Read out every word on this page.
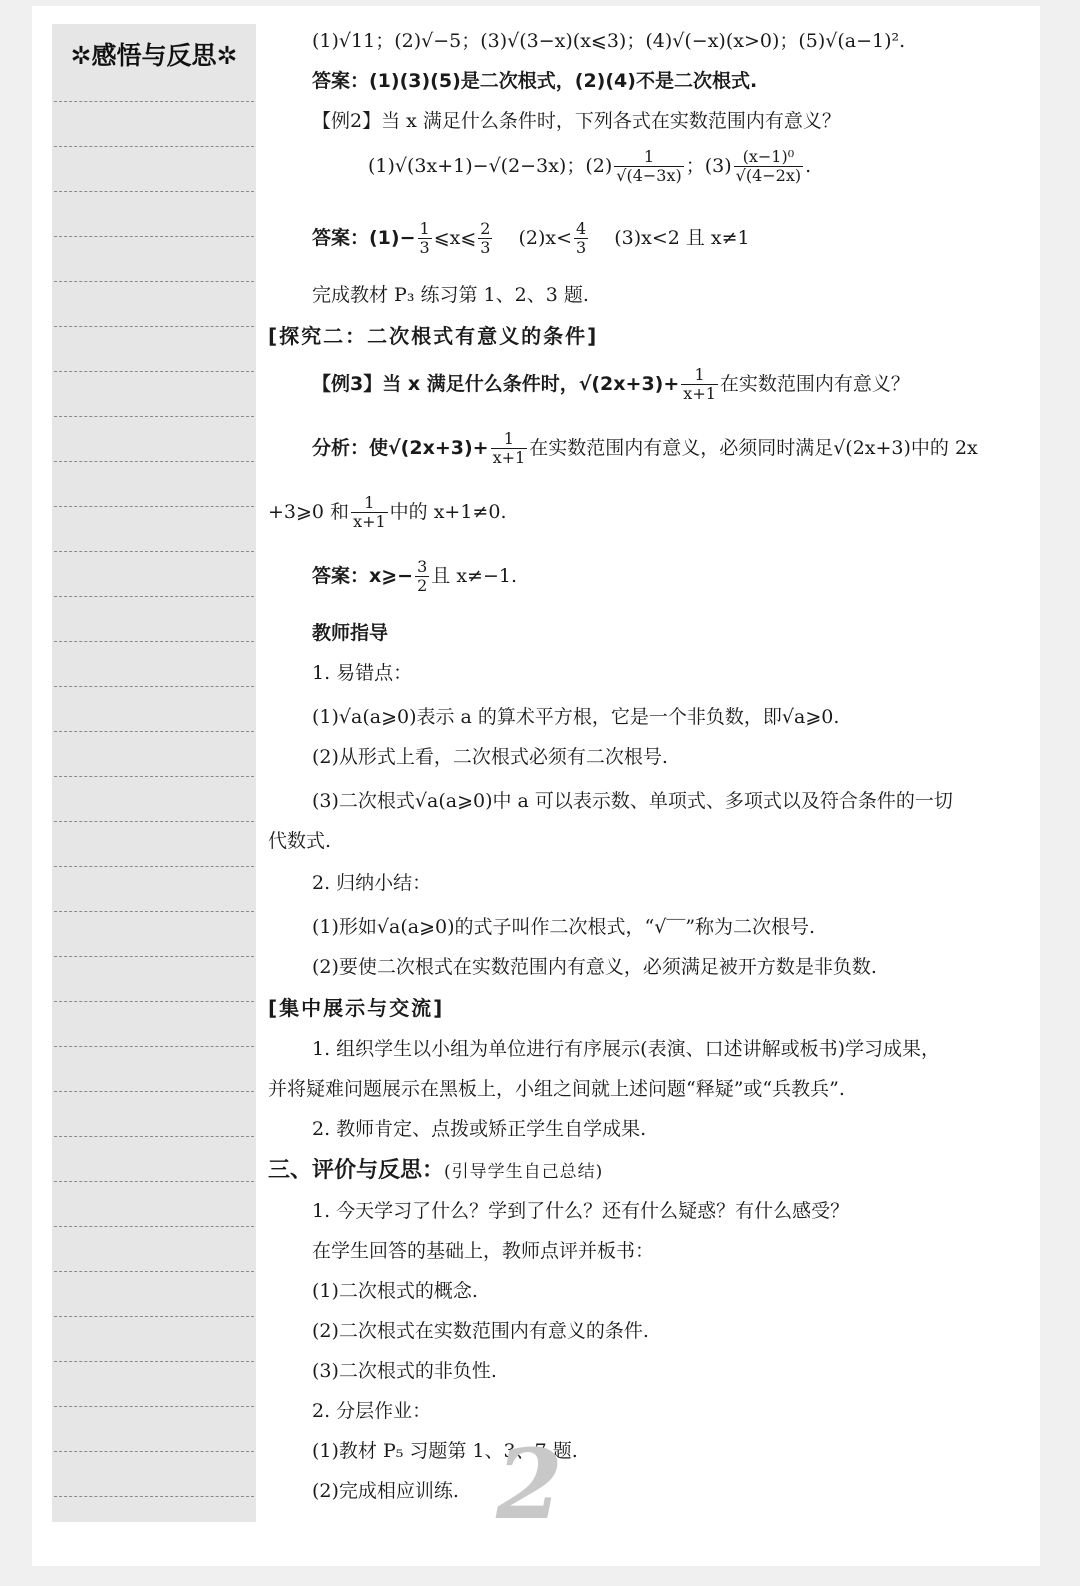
✲感悟与反思✲	(1)√11；(2)√−5；(3)√(3−x)(x⩽3)；(4)√(−x)(x>0)；(5)√(a−1)².
答案：(1)(3)(5)是二次根式，(2)(4)不是二次根式.
【例2】当 x 满足什么条件时，下列各式在实数范围内有意义？
(1)√(3x+1)−√(2−3x)；$(2) \frac{1}{√(4-3x)}$ ；$(3) \frac{\text{(x−1)⁰}}{√(4-2x)}$ .
答案：$(1)- \frac{1}{3}$ ⩽x⩽ $\frac{2}{3} (2)x< \frac{4}{3} (3)x<2$ 且 x≠1
完成教材 P₃ 练习第 1、2、3 题.
[探究二：二次根式有意义的条件]
【例3】当 x 满足什么条件时，$√(2x+3)+ \frac{1}{x+1}$ 在实数范围内有意义？
分析：使$√(2x+3)+ \frac{1}{x+1}$ 在实数范围内有意义，必须同时满足√(2x+3)中的 2x
+3⩾0 和 $\frac{1}{x+1}$ 中的 x+1≠0.
答案：x⩾− $\frac{3}{2}$ 且 x≠−1.
教师指导
1. 易错点：
(1)√a(a⩾0)表示 a 的算术平方根，它是一个非负数，即√a⩾0.
(2)从形式上看，二次根式必须有二次根号.
(3)二次根式√a(a⩾0)中 a 可以表示数、单项式、多项式以及符合条件的一切
代数式.
2. 归纳小结：
(1)形如√a(a⩾0)的式子叫作二次根式，“√‾‾”称为二次根号.
(2)要使二次根式在实数范围内有意义，必须满足被开方数是非负数.
[集中展示与交流]
1. 组织学生以小组为单位进行有序展示(表演、口述讲解或板书)学习成果，
并将疑难问题展示在黑板上，小组之间就上述问题“释疑”或“兵教兵”.
2. 教师肯定、点拨或矫正学生自学成果.
三、评价与反思：(引导学生自己总结)
1. 今天学习了什么？学到了什么？还有什么疑惑？有什么感受？
在学生回答的基础上，教师点评并板书：
(1)二次根式的概念.
(2)二次根式在实数范围内有意义的条件.
(3)二次根式的非负性.
2. 分层作业：
(1)教材 P₅ 习题第 1、3、7 题.
(2)完成相应训练. 2
